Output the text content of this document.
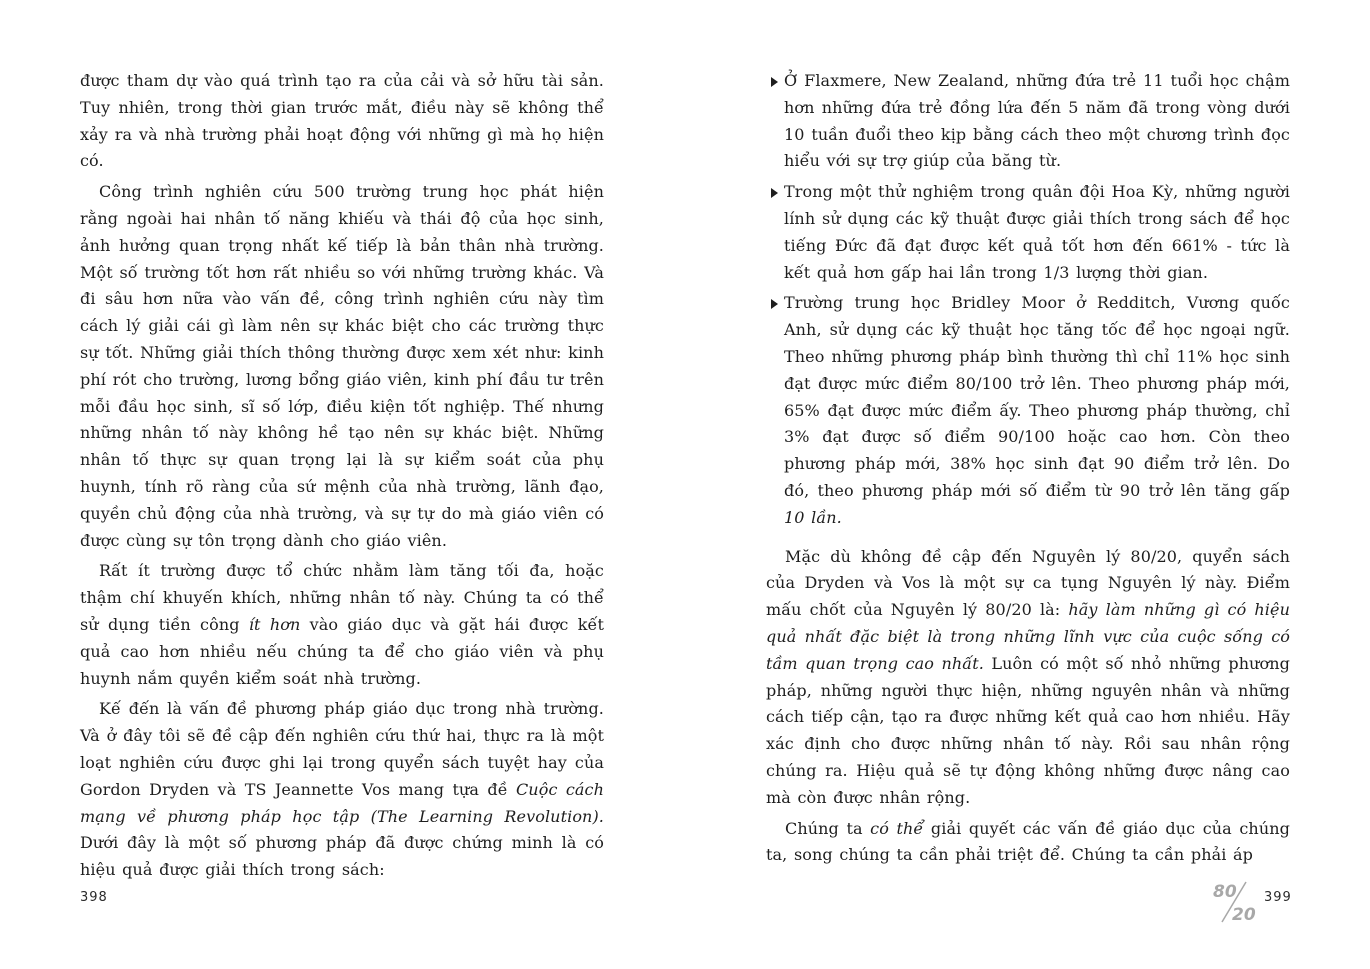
được tham dự vào quá trình tạo ra của cải và sở hữu tài sản. Tuy nhiên, trong thời gian trước mắt, điều này sẽ không thể xảy ra và nhà trường phải hoạt động với những gì mà họ hiện có.

Công trình nghiên cứu 500 trường trung học phát hiện rằng ngoài hai nhân tố năng khiếu và thái độ của học sinh, ảnh hưởng quan trọng nhất kế tiếp là bản thân nhà trường. Một số trường tốt hơn rất nhiều so với những trường khác. Và đi sâu hơn nữa vào vấn đề, công trình nghiên cứu này tìm cách lý giải cái gì làm nên sự khác biệt cho các trường thực sự tốt. Những giải thích thông thường được xem xét như: kinh phí rót cho trường, lương bổng giáo viên, kinh phí đầu tư trên mỗi đầu học sinh, sĩ số lớp, điều kiện tốt nghiệp. Thế nhưng những nhân tố này không hề tạo nên sự khác biệt. Những nhân tố thực sự quan trọng lại là sự kiểm soát của phụ huynh, tính rõ ràng của sứ mệnh của nhà trường, lãnh đạo, quyền chủ động của nhà trường, và sự tự do mà giáo viên có được cùng sự tôn trọng dành cho giáo viên.

Rất ít trường được tổ chức nhằm làm tăng tối đa, hoặc thậm chí khuyến khích, những nhân tố này. Chúng ta có thể sử dụng tiền công ít hơn vào giáo dục và gặt hái được kết quả cao hơn nhiều nếu chúng ta để cho giáo viên và phụ huynh nắm quyền kiểm soát nhà trường.

Kế đến là vấn đề phương pháp giáo dục trong nhà trường. Và ở đây tôi sẽ đề cập đến nghiên cứu thứ hai, thực ra là một loạt nghiên cứu được ghi lại trong quyển sách tuyệt hay của Gordon Dryden và TS Jeannette Vos mang tựa đề Cuộc cách mạng về phương pháp học tập (The Learning Revolution). Dưới đây là một số phương pháp đã được chứng minh là có hiệu quả được giải thích trong sách:

398
Ở Flaxmere, New Zealand, những đứa trẻ 11 tuổi học chậm hơn những đứa trẻ đồng lứa đến 5 năm đã trong vòng dưới 10 tuần đuổi theo kịp bằng cách theo một chương trình đọc hiểu với sự trợ giúp của băng từ.
Trong một thử nghiệm trong quân đội Hoa Kỳ, những người lính sử dụng các kỹ thuật được giải thích trong sách để học tiếng Đức đã đạt được kết quả tốt hơn đến 661% - tức là kết quả hơn gấp hai lần trong 1/3 lượng thời gian.
Trường trung học Bridley Moor ở Redditch, Vương quốc Anh, sử dụng các kỹ thuật học tăng tốc để học ngoại ngữ. Theo những phương pháp bình thường thì chỉ 11% học sinh đạt được mức điểm 80/100 trở lên. Theo phương pháp mới, 65% đạt được mức điểm ấy. Theo phương pháp thường, chỉ 3% đạt được số điểm 90/100 hoặc cao hơn. Còn theo phương pháp mới, 38% học sinh đạt 90 điểm trở lên. Do đó, theo phương pháp mới số điểm từ 90 trở lên tăng gấp 10 lần.

Mặc dù không đề cập đến Nguyên lý 80/20, quyển sách của Dryden và Vos là một sự ca tụng Nguyên lý này. Điểm mấu chốt của Nguyên lý 80/20 là: hãy làm những gì có hiệu quả nhất đặc biệt là trong những lĩnh vực của cuộc sống có tầm quan trọng cao nhất. Luôn có một số nhỏ những phương pháp, những người thực hiện, những nguyên nhân và những cách tiếp cận, tạo ra được những kết quả cao hơn nhiều. Hãy xác định cho được những nhân tố này. Rồi sau nhân rộng chúng ra. Hiệu quả sẽ tự động không những được nâng cao mà còn được nhân rộng.

Chúng ta có thể giải quyết các vấn đề giáo dục của chúng ta, song chúng ta cần phải triệt để. Chúng ta cần phải áp

80
20
399
